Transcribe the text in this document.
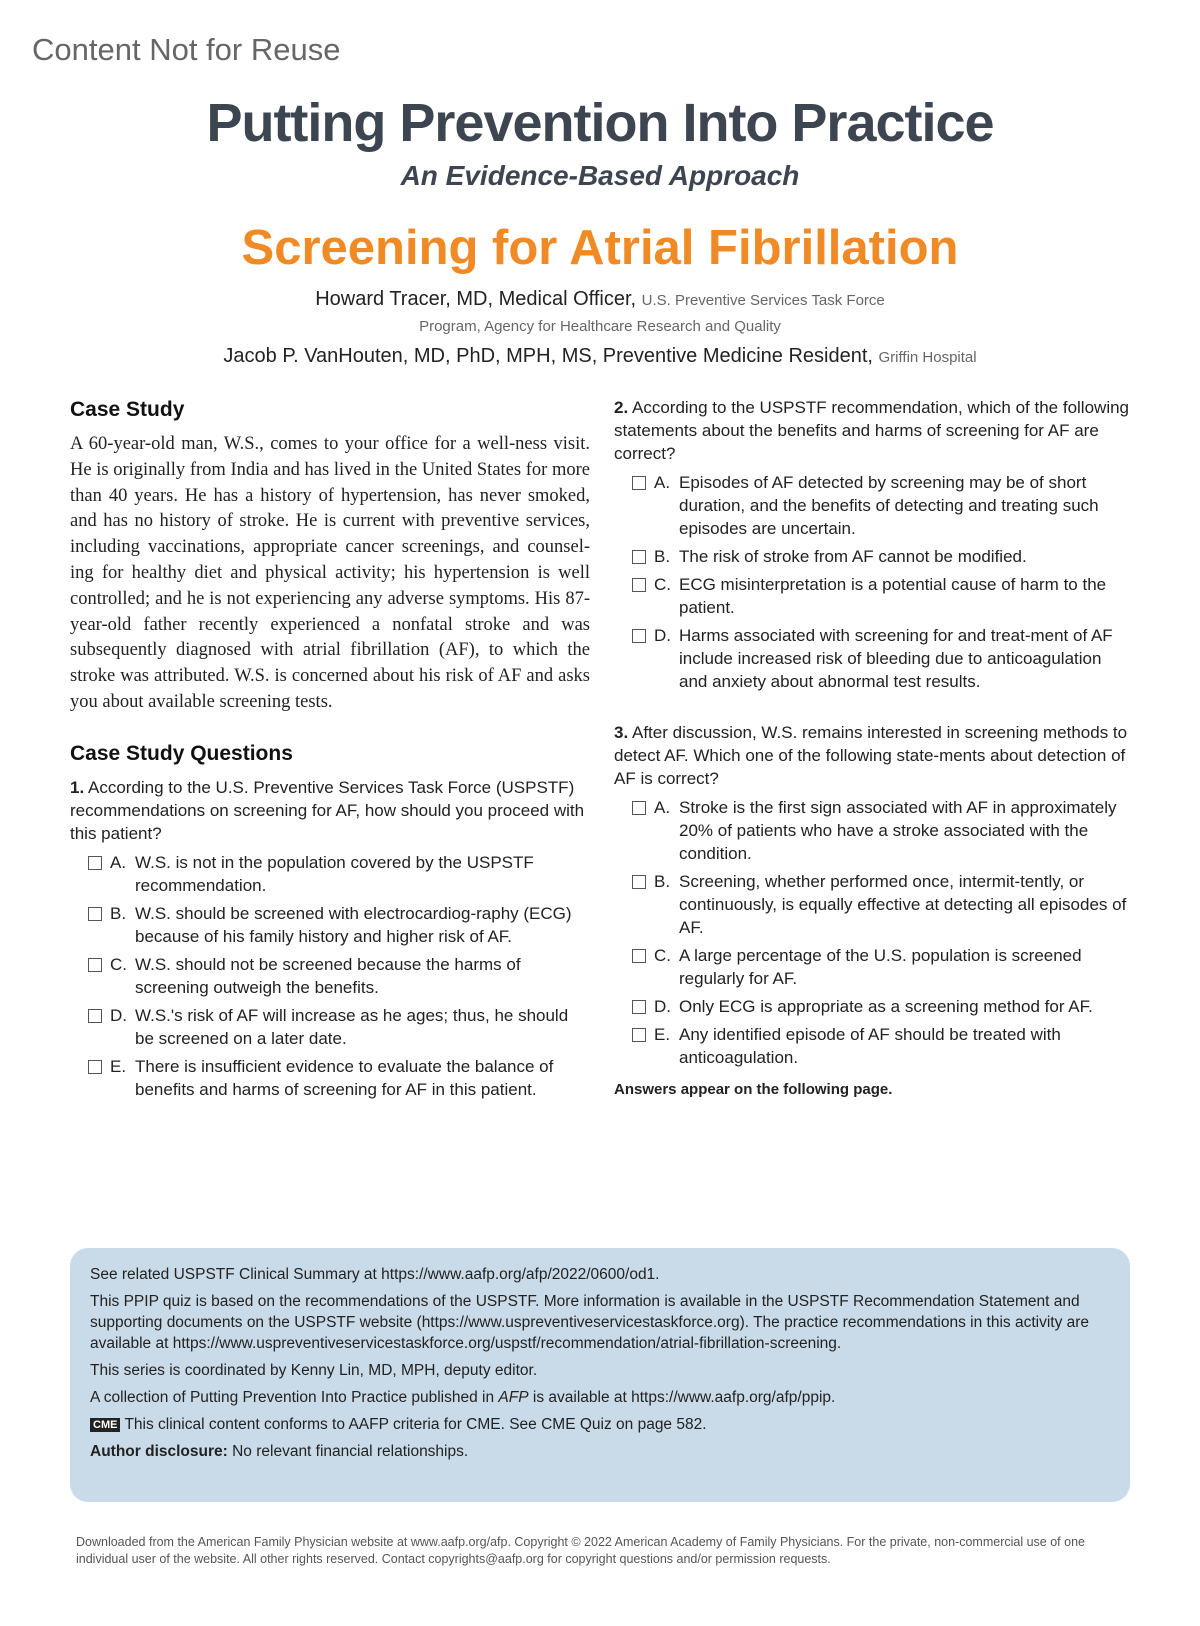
Content Not for Reuse
Putting Prevention Into Practice
An Evidence-Based Approach
Screening for Atrial Fibrillation
Howard Tracer, MD, Medical Officer, U.S. Preventive Services Task Force
Program, Agency for Healthcare Research and Quality
Jacob P. VanHouten, MD, PhD, MPH, MS, Preventive Medicine Resident, Griffin Hospital
Case Study

A 60-year-old man, W.S., comes to your office for a well-ness visit. He is originally from India and has lived in the United States for more than 40 years. He has a history of hypertension, has never smoked, and has no history of stroke. He is current with preventive services, including vaccinations, appropriate cancer screenings, and counsel-ing for healthy diet and physical activity; his hypertension is well controlled; and he is not experiencing any adverse symptoms. His 87-year-old father recently experienced a nonfatal stroke and was subsequently diagnosed with atrial fibrillation (AF), to which the stroke was attributed. W.S. is concerned about his risk of AF and asks you about available screening tests.

Case Study Questions

1. According to the U.S. Preventive Services Task Force (USPSTF) recommendations on screening for AF, how should you proceed with this patient?

A. W.S. is not in the population covered by the USPSTF recommendation.
B. W.S. should be screened with electrocardiog-raphy (ECG) because of his family history and higher risk of AF.
C. W.S. should not be screened because the harms of screening outweigh the benefits.
D. W.S.'s risk of AF will increase as he ages; thus, he should be screened on a later date.
E. There is insufficient evidence to evaluate the balance of benefits and harms of screening for AF in this patient.

2. According to the USPSTF recommendation, which of the following statements about the benefits and harms of screening for AF are correct?

A. Episodes of AF detected by screening may be of short duration, and the benefits of detecting and treating such episodes are uncertain.
B. The risk of stroke from AF cannot be modified.
C. ECG misinterpretation is a potential cause of harm to the patient.
D. Harms associated with screening for and treat-ment of AF include increased risk of bleeding due to anticoagulation and anxiety about abnormal test results.

3. After discussion, W.S. remains interested in screening methods to detect AF. Which one of the following state-ments about detection of AF is correct?

A. Stroke is the first sign associated with AF in approximately 20% of patients who have a stroke associated with the condition.
B. Screening, whether performed once, intermit-tently, or continuously, is equally effective at detecting all episodes of AF.
C. A large percentage of the U.S. population is screened regularly for AF.
D. Only ECG is appropriate as a screening method for AF.
E. Any identified episode of AF should be treated with anticoagulation.
Answers appear on the following page.

See related USPSTF Clinical Summary at https://www.aafp.org/afp/2022/0600/od1.

This PPIP quiz is based on the recommendations of the USPSTF. More information is available in the USPSTF Recommendation Statement and supporting documents on the USPSTF website (https://www.uspreventiveservicestaskforce.org). The practice recommendations in this activity are available at https://www.uspreventiveservicestaskforce.org/uspstf/recommendation/atrial-fibrillation-screening.

This series is coordinated by Kenny Lin, MD, MPH, deputy editor.

A collection of Putting Prevention Into Practice published in AFP is available at https://www.aafp.org/afp/ppip.

CME This clinical content conforms to AAFP criteria for CME. See CME Quiz on page 582.

Author disclosure: No relevant financial relationships.

Downloaded from the American Family Physician website at www.aafp.org/afp. Copyright © 2022 American Academy of Family Physicians. For the private, non-commercial use of one individual user of the website. All other rights reserved. Contact copyrights@aafp.org for copyright questions and/or permission requests.
